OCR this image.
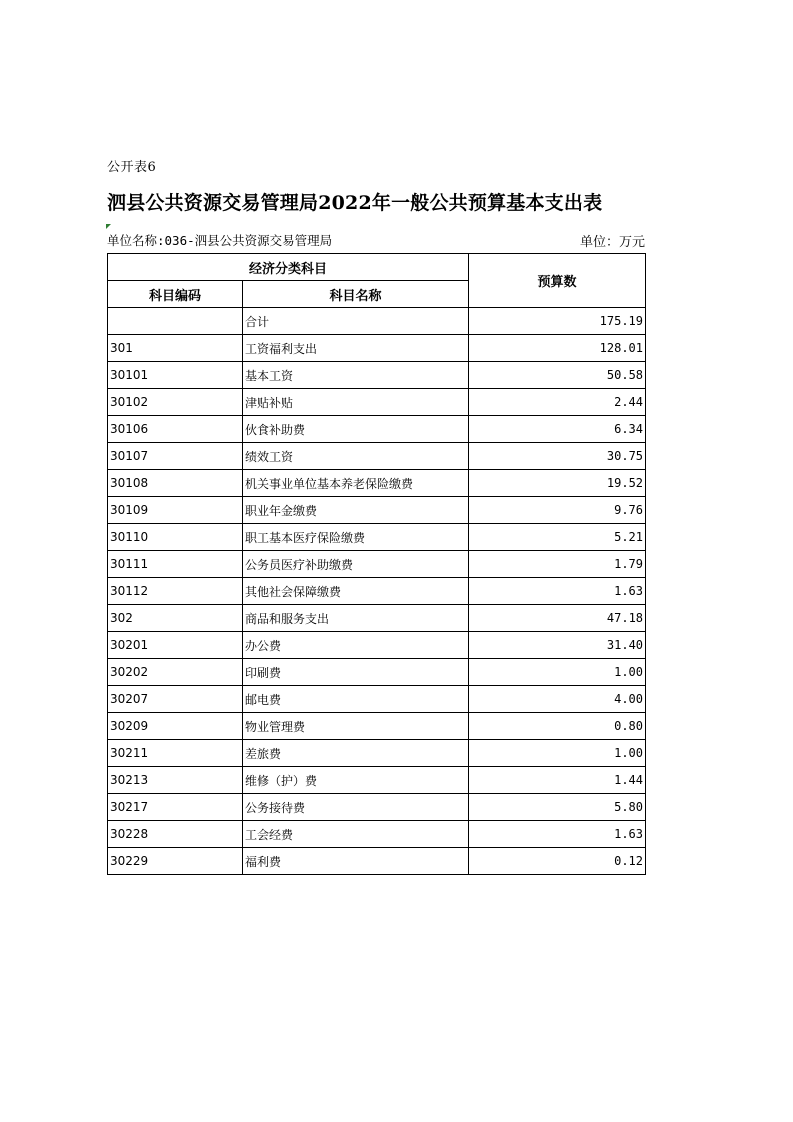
公开表6
泗县公共资源交易管理局2022年一般公共预算基本支出表
单位名称:036-泗县公共资源交易管理局	单位：万元
经济分类科目		预算数
科目编码	科目名称	
	合计	175.19
301	工资福利支出	128.01
30101	基本工资	50.58
30102	津贴补贴	2.44
30106	伙食补助费	6.34
30107	绩效工资	30.75
30108	机关事业单位基本养老保险缴费	19.52
30109	职业年金缴费	9.76
30110	职工基本医疗保险缴费	5.21
30111	公务员医疗补助缴费	1.79
30112	其他社会保障缴费	1.63
302	商品和服务支出	47.18
30201	办公费	31.40
30202	印刷费	1.00
30207	邮电费	4.00
30209	物业管理费	0.80
30211	差旅费	1.00
30213	维修（护）费	1.44
30217	公务接待费	5.80
30228	工会经费	1.63
30229	福利费	0.12
